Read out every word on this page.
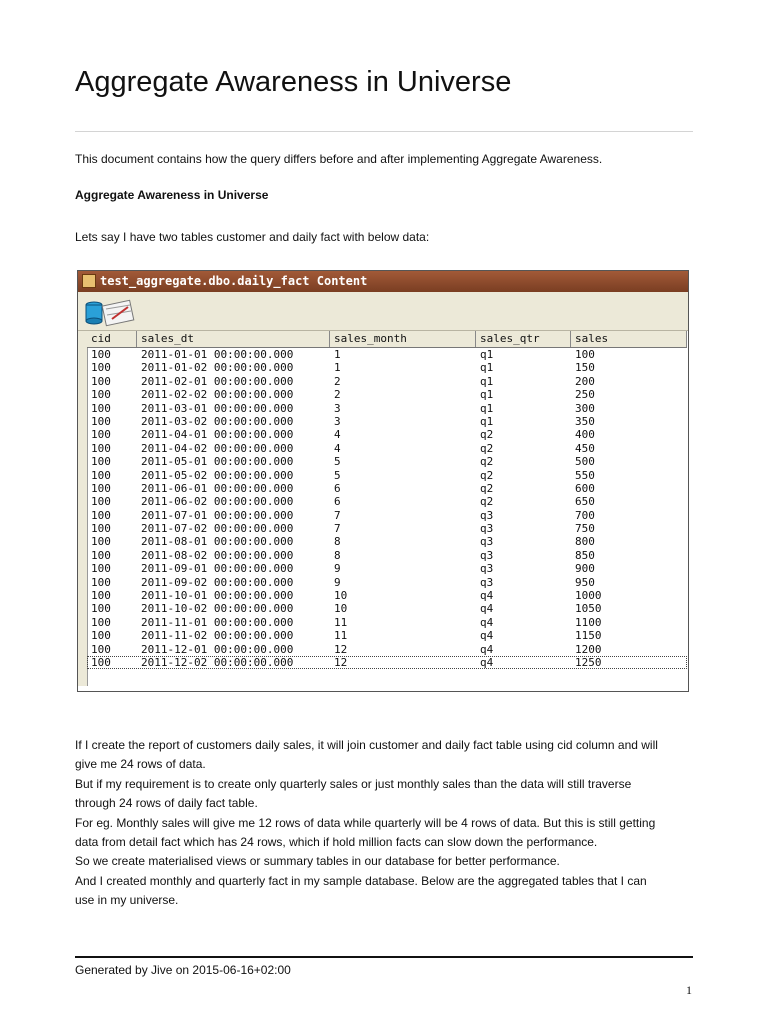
Aggregate Awareness in Universe

This document contains how the query differs before and after implementing Aggregate Awareness.

Aggregate Awareness in Universe

Lets say I have two tables customer and daily fact with below data:

test_aggregate.dbo.daily_fact Content
cid	sales_dt	sales_month	sales_qtr	sales
100	2011-01-01 00:00:00.000	1	q1	100
100	2011-01-02 00:00:00.000	1	q1	150
100	2011-02-01 00:00:00.000	2	q1	200
100	2011-02-02 00:00:00.000	2	q1	250
100	2011-03-01 00:00:00.000	3	q1	300
100	2011-03-02 00:00:00.000	3	q1	350
100	2011-04-01 00:00:00.000	4	q2	400
100	2011-04-02 00:00:00.000	4	q2	450
100	2011-05-01 00:00:00.000	5	q2	500
100	2011-05-02 00:00:00.000	5	q2	550
100	2011-06-01 00:00:00.000	6	q2	600
100	2011-06-02 00:00:00.000	6	q2	650
100	2011-07-01 00:00:00.000	7	q3	700
100	2011-07-02 00:00:00.000	7	q3	750
100	2011-08-01 00:00:00.000	8	q3	800
100	2011-08-02 00:00:00.000	8	q3	850
100	2011-09-01 00:00:00.000	9	q3	900
100	2011-09-02 00:00:00.000	9	q3	950
100	2011-10-01 00:00:00.000	10	q4	1000
100	2011-10-02 00:00:00.000	10	q4	1050
100	2011-11-01 00:00:00.000	11	q4	1100
100	2011-11-02 00:00:00.000	11	q4	1150
100	2011-12-01 00:00:00.000	12	q4	1200
100	2011-12-02 00:00:00.000	12	q4	1250
If I create the report of customers daily sales, it will join customer and daily fact table using cid column and will
give me 24 rows of data.
But if my requirement is to create only quarterly sales or just monthly sales than the data will still traverse
through 24 rows of daily fact table.
For eg. Monthly sales will give me 12 rows of data while quarterly will be 4 rows of data. But this is still getting
data from detail fact which has 24 rows, which if hold million facts can slow down the performance.
So we create materialised views or summary tables in our database for better performance.
And I created monthly and quarterly fact in my sample database. Below are the aggregated tables that I can
use in my universe.

Generated by Jive on 2015-06-16+02:00

1
